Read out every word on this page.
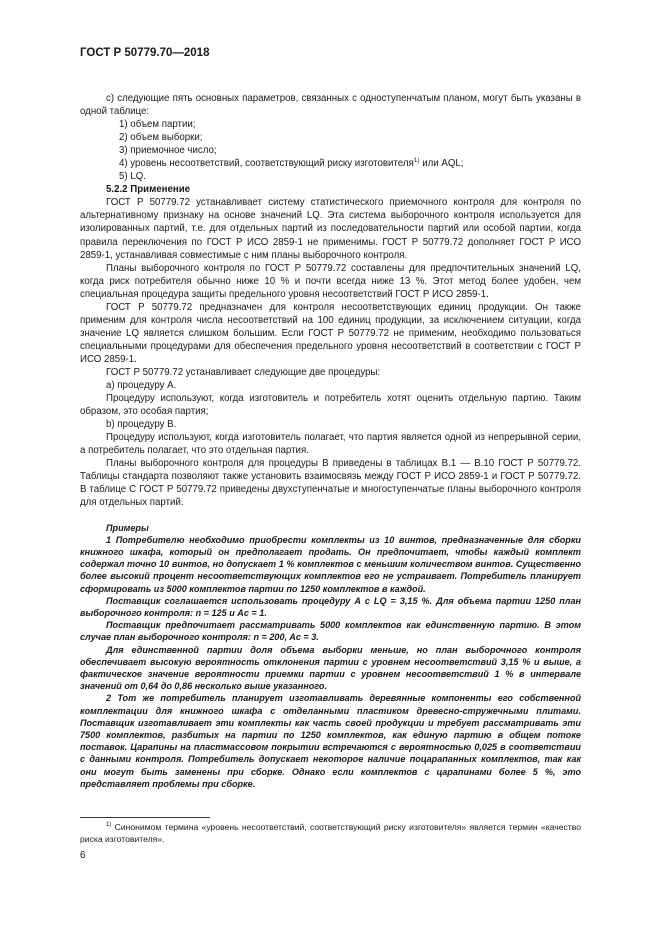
ГОСТ Р 50779.70—2018

c) следующие пять основных параметров, связанных с одноступенчатым планом, могут быть указаны в одной таблице:

1) объем партии;

2) объем выборки;

3) приемочное число;

4) уровень несоответствий, соответствующий риску изготовителя$^{1)}$ или AQL;

5) LQ.

5.2.2 Применение

ГОСТ Р 50779.72 устанавливает систему статистического приемочного контроля для контроля по альтернативному признаку на основе значений LQ. Эта система выборочного контроля используется для изолированных партий, т.е. для отдельных партий из последовательности партий или особой партии, когда правила переключения по ГОСТ Р ИСО 2859-1 не применимы. ГОСТ Р 50779.72 дополняет ГОСТ Р ИСО 2859-1, устанавливая совместимые с ним планы выборочного контроля.

Планы выборочного контроля по ГОСТ Р 50779.72 составлены для предпочтительных значений LQ, когда риск потребителя обычно ниже 10 % и почти всегда ниже 13 %. Этот метод более удобен, чем специальная процедура защиты предельного уровня несоответствий ГОСТ Р ИСО 2859-1.

ГОСТ Р 50779.72 предназначен для контроля несоответствующих единиц продукции. Он также применим для контроля числа несоответствий на 100 единиц продукции, за исключением ситуации, когда значение LQ является слишком большим. Если ГОСТ Р 50779.72 не применим, необходимо пользоваться специальными процедурами для обеспечения предельного уровня несоответствий в соответствии с ГОСТ Р ИСО 2859-1.

ГОСТ Р 50779.72 устанавливает следующие две процедуры:

a) процедуру А.

Процедуру используют, когда изготовитель и потребитель хотят оценить отдельную партию. Таким образом, это особая партия;

b) процедуру В.

Процедуру используют, когда изготовитель полагает, что партия является одной из непрерывной серии, а потребитель полагает, что это отдельная партия.

Планы выборочного контроля для процедуры В приведены в таблицах В.1 — В.10 ГОСТ Р 50779.72. Таблицы стандарта позволяют также установить взаимосвязь между ГОСТ Р ИСО 2859-1 и ГОСТ Р 50779.72. В таблице С ГОСТ Р 50779.72 приведены двухступенчатые и многоступенчатые планы выборочного контроля для отдельных партий.

Примеры

1 Потребителю необходимо приобрести комплекты из 10 винтов, предназначенные для сборки книжного шкафа, который он предполагает продать. Он предпочитает, чтобы каждый комплект содержал точно 10 винтов, но допускает 1 % комплектов с меньшим количеством винтов. Существенно более высокий процент несоответствующих комплектов его не устраивает. Потребитель планирует сформировать из 5000 комплектов партии по 1250 комплектов в каждой.

Поставщик соглашается использовать процедуру А с LQ = 3,15 %. Для объема партии 1250 план выборочного контроля: n = 125 и Ac = 1.

Поставщик предпочитает рассматривать 5000 комплектов как единственную партию. В этом случае план выборочного контроля: n = 200, Ac = 3.

Для единственной партии доля объема выборки меньше, но план выборочного контроля обеспечивает высокую вероятность отклонения партии с уровнем несоответствий 3,15 % и выше, а фактическое значение вероятности приемки партии с уровнем несоответствий 1 % в интервале значений от 0,64 до 0,86 несколько выше указанного.

2 Тот же потребитель планирует изготавливать деревянные компоненты его собственной комплектации для книжного шкафа с отделанными пластиком древесно-стружечными плитами. Поставщик изготавливает эти комплекты как часть своей продукции и требует рассматривать эти 7500 комплектов, разбитых на партии по 1250 комплектов, как единую партию в общем потоке поставок. Царапины на пластмассовом покрытии встречаются с вероятностью 0,025 в соответствии с данными контроля. Потребитель допускает некоторое наличие поцарапанных комплектов, так как они могут быть заменены при сборке. Однако если комплектов с царапинами более 5 %, это представляет проблемы при сборке.

$^{1)}$ Синонимом термина «уровень несоответствий, соответствующий риску изготовителя» является термин «качество риска изготовителя».
6
